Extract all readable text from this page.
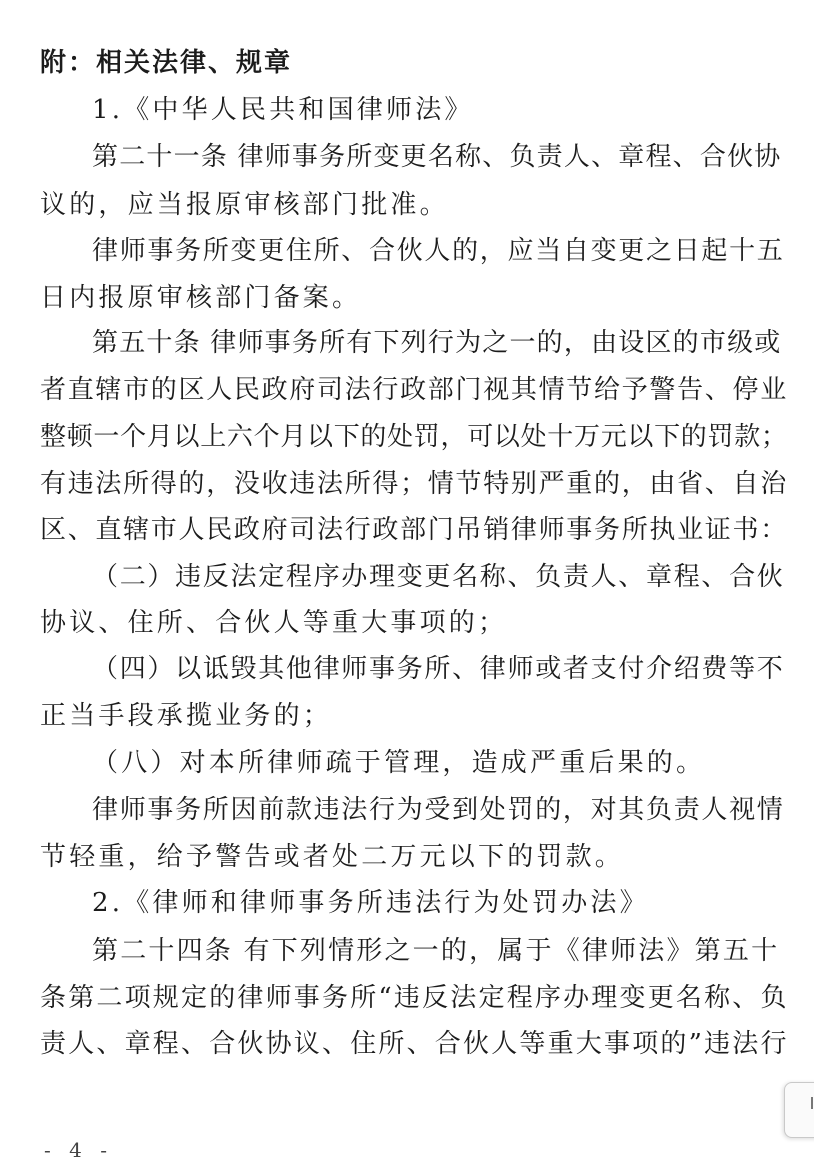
附：相关法律、规章
1.《中华人民共和国律师法》
第二十一条 律师事务所变更名称、负责人、章程、合伙协
议的，应当报原审核部门批准。
律师事务所变更住所、合伙人的，应当自变更之日起十五
日内报原审核部门备案。
第五十条 律师事务所有下列行为之一的，由设区的市级或
者直辖市的区人民政府司法行政部门视其情节给予警告、停业
整顿一个月以上六个月以下的处罚，可以处十万元以下的罚款；
有违法所得的，没收违法所得；情节特别严重的，由省、自治
区、直辖市人民政府司法行政部门吊销律师事务所执业证书：
（二）违反法定程序办理变更名称、负责人、章程、合伙
协议、住所、合伙人等重大事项的；
（四）以诋毁其他律师事务所、律师或者支付介绍费等不
正当手段承揽业务的；
（八）对本所律师疏于管理，造成严重后果的。
律师事务所因前款违法行为受到处罚的，对其负责人视情
节轻重，给予警告或者处二万元以下的罚款。
2.《律师和律师事务所违法行为处罚办法》
第二十四条 有下列情形之一的，属于《律师法》第五十
条第二项规定的律师事务所“违反法定程序办理变更名称、负
责人、章程、合伙协议、住所、合伙人等重大事项的”违法行
- 4 -
